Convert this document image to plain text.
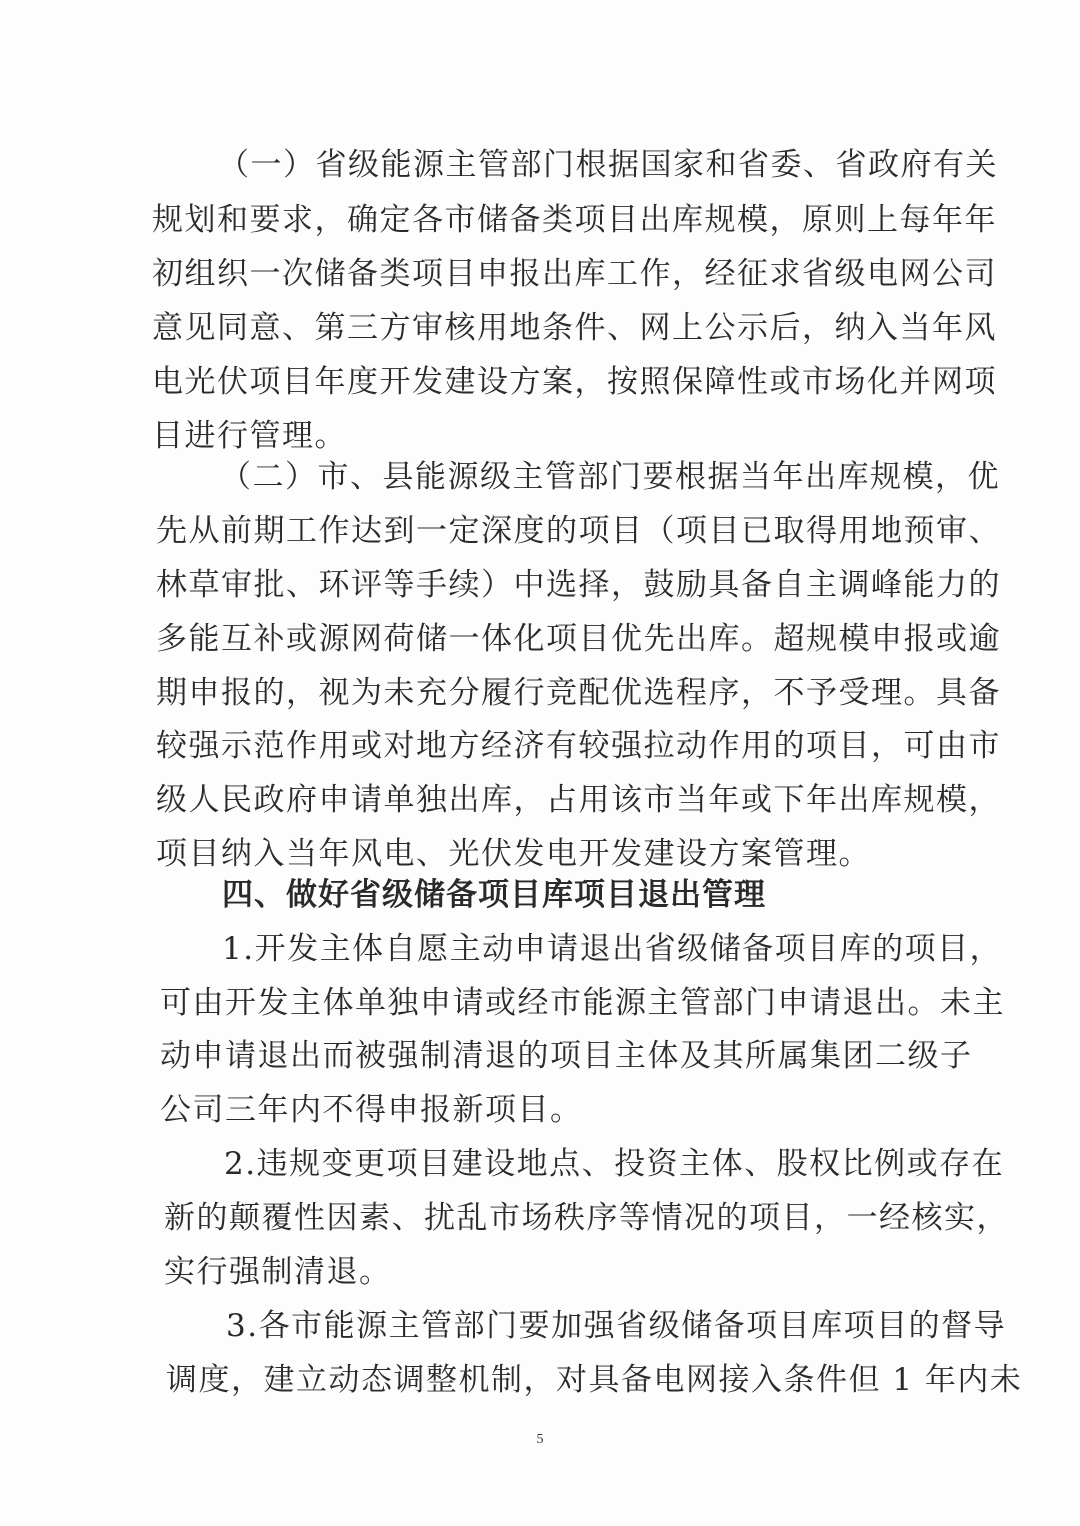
（一）省级能源主管部门根据国家和省委、省政府有关
规划和要求，确定各市储备类项目出库规模，原则上每年年
初组织一次储备类项目申报出库工作，经征求省级电网公司
意见同意、第三方审核用地条件、网上公示后，纳入当年风
电光伏项目年度开发建设方案，按照保障性或市场化并网项
目进行管理。
（二）市、县能源级主管部门要根据当年出库规模，优
先从前期工作达到一定深度的项目（项目已取得用地预审、
林草审批、环评等手续）中选择，鼓励具备自主调峰能力的
多能互补或源网荷储一体化项目优先出库。超规模申报或逾
期申报的，视为未充分履行竞配优选程序，不予受理。具备
较强示范作用或对地方经济有较强拉动作用的项目，可由市
级人民政府申请单独出库，占用该市当年或下年出库规模，
项目纳入当年风电、光伏发电开发建设方案管理。
四、做好省级储备项目库项目退出管理
1.开发主体自愿主动申请退出省级储备项目库的项目，
可由开发主体单独申请或经市能源主管部门申请退出。未主
动申请退出而被强制清退的项目主体及其所属集团二级子
公司三年内不得申报新项目。
2.违规变更项目建设地点、投资主体、股权比例或存在
新的颠覆性因素、扰乱市场秩序等情况的项目，一经核实，
实行强制清退。
3.各市能源主管部门要加强省级储备项目库项目的督导
调度，建立动态调整机制，对具备电网接入条件但 1 年内未
5
